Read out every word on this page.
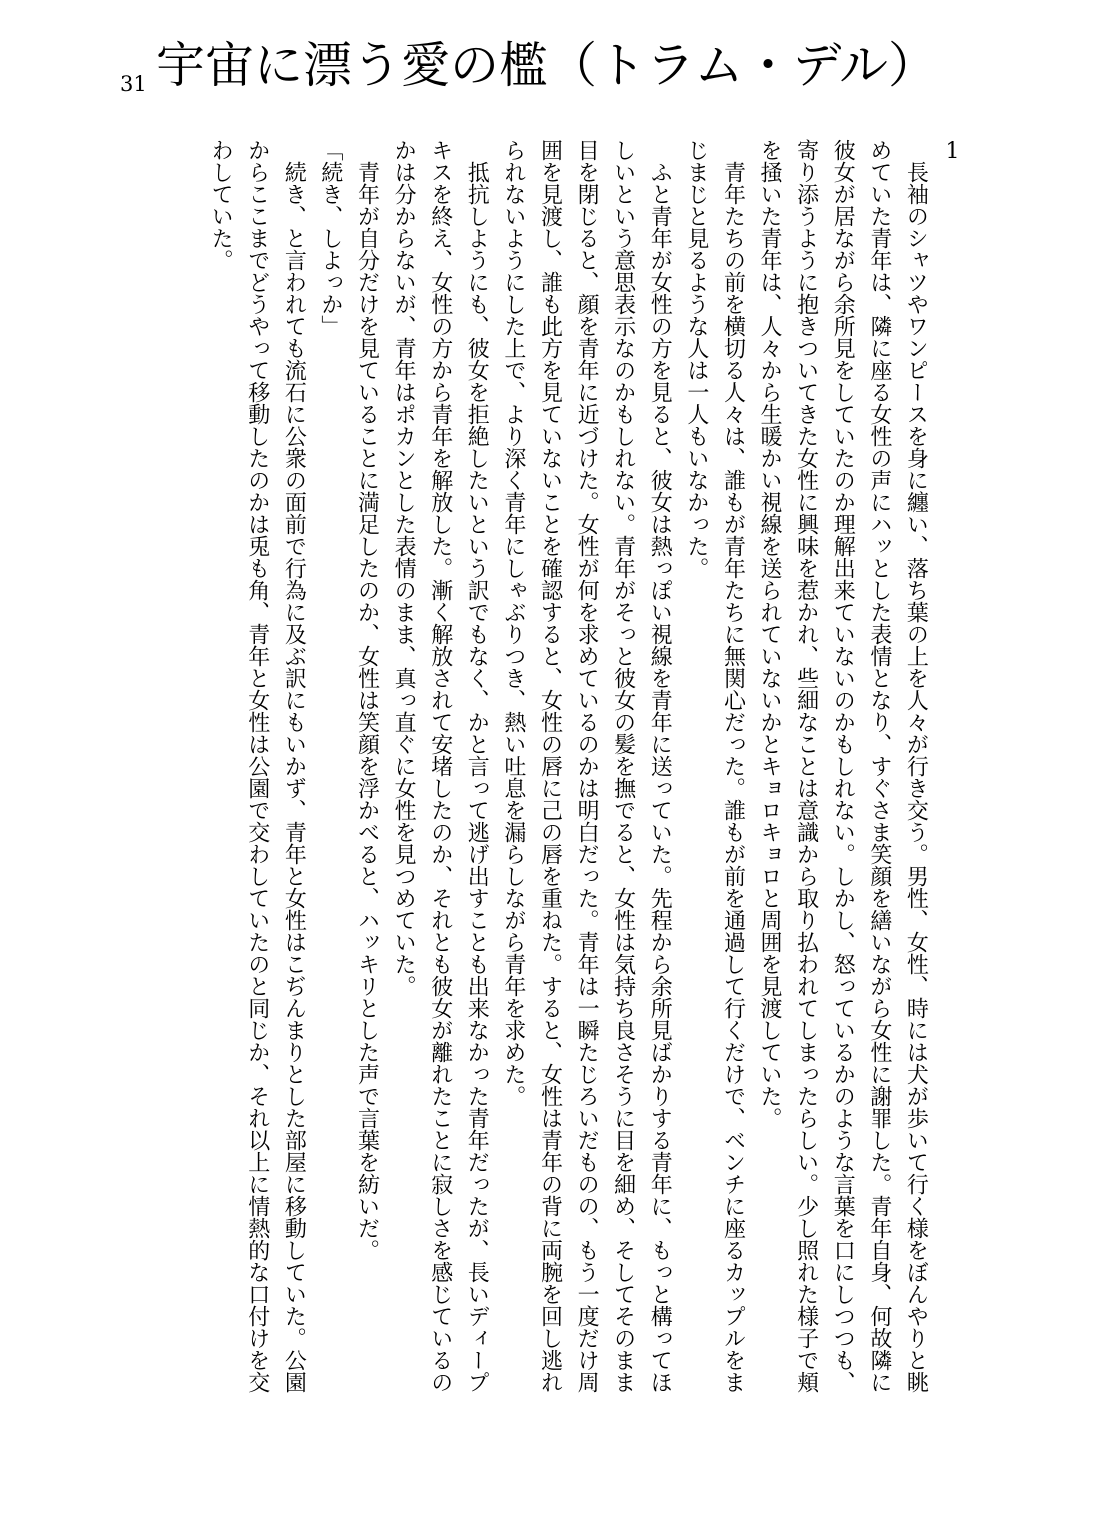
31 宇宙に漂う愛の檻（トラム・デル）

1

　長袖のシャツやワンピースを身に纏い、落ち葉の上を人々が行き交う。男性、女性、時には犬が歩いて行く様をぼんやりと眺めていた青年は、隣に座る女性の声にハッとした表情となり、すぐさま笑顔を繕いながら女性に謝罪した。青年自身、何故隣に彼女が居ながら余所見をしていたのか理解出来ていないのかもしれない。しかし、怒っているかのような言葉を口にしつつも、寄り添うように抱きついてきた女性に興味を惹かれ、些細なことは意識から取り払われてしまったらしい。少し照れた様子で頬を掻いた青年は、人々から生暖かい視線を送られていないかとキョロキョロと周囲を見渡していた。

　青年たちの前を横切る人々は、誰もが青年たちに無関心だった。誰もが前を通過して行くだけで、ベンチに座るカップルをまじまじと見るような人は一人もいなかった。

　ふと青年が女性の方を見ると、彼女は熱っぽい視線を青年に送っていた。先程から余所見ばかりする青年に、もっと構ってほしいという意思表示なのかもしれない。青年がそっと彼女の髪を撫でると、女性は気持ち良さそうに目を細め、そしてそのまま目を閉じると、顔を青年に近づけた。女性が何を求めているのかは明白だった。青年は一瞬たじろいだものの、もう一度だけ周囲を見渡し、誰も此方を見ていないことを確認すると、女性の唇に己の唇を重ねた。すると、女性は青年の背に両腕を回し逃れられないようにした上で、より深く青年にしゃぶりつき、熱い吐息を漏らしながら青年を求めた。

　抵抗しようにも、彼女を拒絶したいという訳でもなく、かと言って逃げ出すことも出来なかった青年だったが、長いディープキスを終え、女性の方から青年を解放した。漸く解放されて安堵したのか、それとも彼女が離れたことに寂しさを感じているのかは分からないが、青年はポカンとした表情のまま、真っ直ぐに女性を見つめていた。

　青年が自分だけを見ていることに満足したのか、女性は笑顔を浮かべると、ハッキリとした声で言葉を紡いだ。

「続き、しよっか」

　続き、と言われても流石に公衆の面前で行為に及ぶ訳にもいかず、青年と女性はこぢんまりとした部屋に移動していた。公園からここまでどうやって移動したのかは兎も角、青年と女性は公園で交わしていたのと同じか、それ以上に情熱的な口付けを交わしていた。
